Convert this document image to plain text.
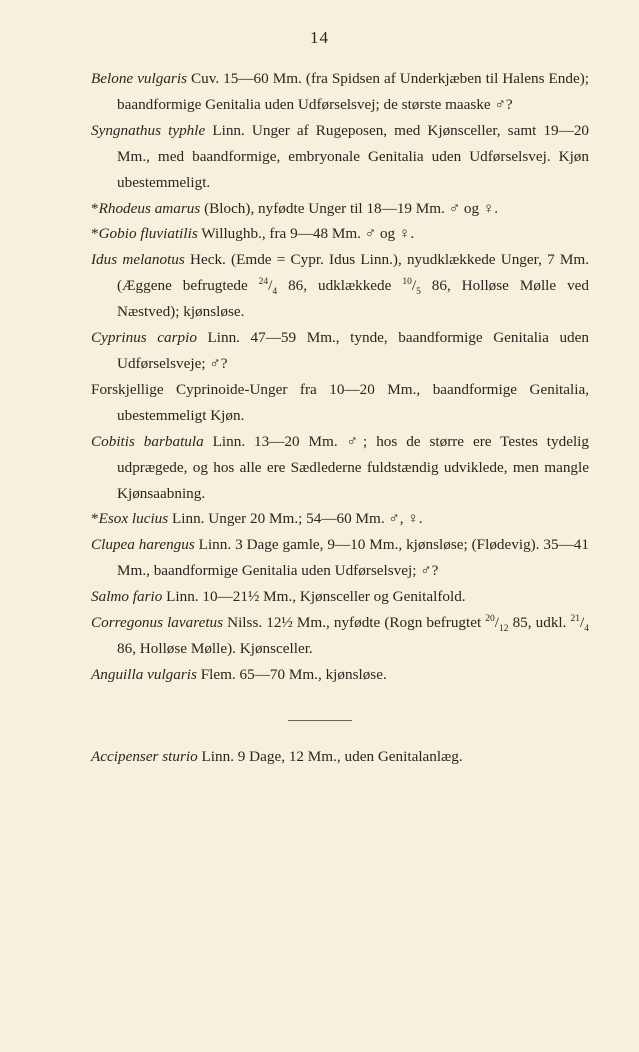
14
Belone vulgaris Cuv. 15—60 Mm. (fra Spidsen af Underkjæben til Halens Ende); baandformige Genitalia uden Udførselsvej; de største maaske ♂?
Syngnathus typhle Linn. Unger af Rugeposen, med Kjønsceller, samt 19—20 Mm., med baandformige, embryonale Genitalia uden Udførselsvej. Kjøn ubestemmeligt.
*Rhodeus amarus (Bloch), nyfødte Unger til 18—19 Mm. ♂ og ♀.
*Gobio fluviatilis Willughb., fra 9—48 Mm. ♂ og ♀.
Idus melanotus Heck. (Emde = Cypr. Idus Linn.), nyudklækkede Unger, 7 Mm. (Æggene befrugtede $^{24}/_4$ 86, udklækkede $^{10}/_5$ 86, Holløse Mølle ved Næstved); kjønsløse.
Cyprinus carpio Linn. 47—59 Mm., tynde, baandformige Genitalia uden Udførselsveje; ♂?
Forskjellige Cyprinoide-Unger fra 10—20 Mm., baandformige Genitalia, ubestemmeligt Kjøn.
Cobitis barbatula Linn. 13—20 Mm. ♂; hos de større ere Testes tydelig udprægede, og hos alle ere Sædlederne fuldstændig udviklede, men mangle Kjønsaabning.
*Esox lucius Linn. Unger 20 Mm.; 54—60 Mm. ♂, ♀.
Clupea harengus Linn. 3 Dage gamle, 9—10 Mm., kjønsløse; (Flødevig). 35—41 Mm., baandformige Genitalia uden Udførselsvej; ♂?
Salmo fario Linn. 10—21½ Mm., Kjønsceller og Genitalfold.
Corregonus lavaretus Nilss. 12½ Mm., nyfødte (Rogn befrugtet $^{20}/_{12}$ 85, udkl. $^{21}/_4$ 86, Holløse Mølle). Kjønsceller.
Anguilla vulgaris Flem. 65—70 Mm., kjønsløse.
Accipenser sturio Linn. 9 Dage, 12 Mm., uden Genitalanlæg.
